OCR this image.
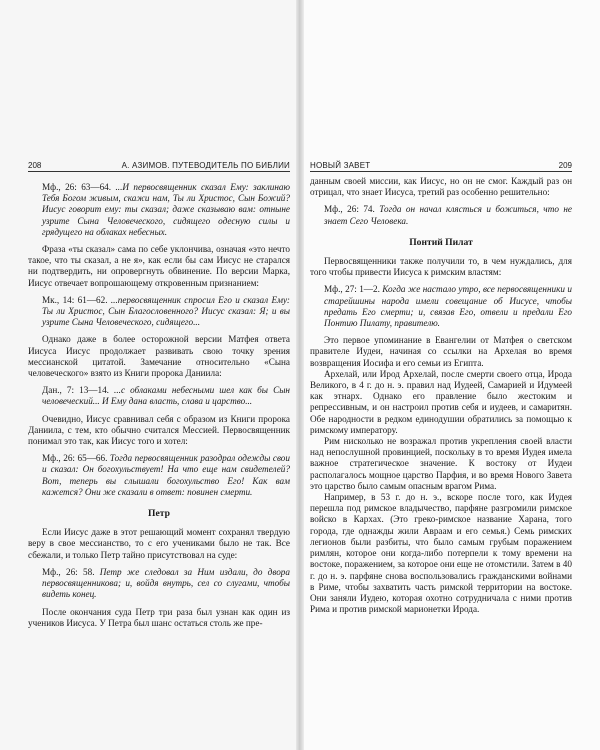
208	А. АЗИМОВ. ПУТЕВОДИТЕЛЬ ПО БИБЛИИ
Мф., 26: 63—64. ...И первосвященник сказал Ему: заклинаю Тебя Богом живым, скажи нам, Ты ли Христос, Сын Божий? Иисус говорит ему: ты сказал; даже сказываю вам: отныне узрите Сына Человеческого, сидящего одесную силы и грядущего на облаках небесных.

Фраза «ты сказал» сама по себе уклончива, означая «это нечто такое, что ты сказал, а не я», как если бы сам Иисус не старался ни подтвердить, ни опровергнуть обвинение. По версии Марка, Иисус отвечает вопрошающему откровенным признанием:

Мк., 14: 61—62. ...первосвященник спросил Его и сказал Ему: Ты ли Христос, Сын Благословенного? Иисус сказал: Я; и вы узрите Сына Человеческого, сидящего...

Однако даже в более осторожной версии Матфея ответа Иисуса Иисус продолжает развивать свою точку зрения мессианской цитатой. Замечание относительно «Сына человеческого» взято из Книги пророка Даниила:

Дан., 7: 13—14. ...с облаками небесными шел как бы Сын человеческий... И Ему дана власть, слава и царство...

Очевидно, Иисус сравнивал себя с образом из Книги пророка Даниила, с тем, кто обычно считался Мессией. Первосвященник понимал это так, как Иисус того и хотел:

Мф., 26: 65—66. Тогда первосвященник разодрал одежды свои и сказал: Он богохульствует! На что еще нам свидетелей? Вот, теперь вы слышали богохульство Его! Как вам кажется? Они же сказали в ответ: повинен смерти.
Петр

Если Иисус даже в этот решающий момент сохранял твердую веру в свое мессианство, то с его учениками было не так. Все сбежали, и только Петр тайно присутствовал на суде:

Мф., 26: 58. Петр же следовал за Ним издали, до двора первосвященникова; и, войдя внутрь, сел со слугами, чтобы видеть конец.

После окончания суда Петр три раза был узнан как один из учеников Иисуса. У Петра был шанс остаться столь же пре-

НОВЫЙ ЗАВЕТ	209

данным своей миссии, как Иисус, но он не смог. Каждый раз он отрицал, что знает Иисуса, третий раз особенно решительно:

Мф., 26: 74. Тогда он начал клясться и божиться, что не знает Сего Человека.
Понтий Пилат

Первосвященники также получили то, в чем нуждались, для того чтобы привести Иисуса к римским властям:

Мф., 27: 1—2. Когда же настало утро, все первосвященники и старейшины народа имели совещание об Иисусе, чтобы предать Его смерти; и, связав Его, отвели и предали Его Понтию Пилату, правителю.

Это первое упоминание в Евангелии от Матфея о светском правителе Иудеи, начиная со ссылки на Архелая во время возвращения Иосифа и его семьи из Египта.

Архелай, или Ирод Архелай, после смерти своего отца, Ирода Великого, в 4 г. до н. э. правил над Иудеей, Самарией и Идумеей как этнарх. Однако его правление было жестоким и репрессивным, и он настроил против себя и иудеев, и самаритян. Обе народности в редком единодушии обратились за помощью к римскому императору.

Рим нисколько не возражал против укрепления своей власти над непослушной провинцией, поскольку в то время Иудея имела важное стратегическое значение. К востоку от Иудеи располагалось мощное царство Парфия, и во время Нового Завета это царство было самым опасным врагом Рима.

Например, в 53 г. до н. э., вскоре после того, как Иудея перешла под римское владычество, парфяне разгромили римское войско в Кархах. (Это греко-римское название Харана, того города, где однажды жили Авраам и его семья.) Семь римских легионов были разбиты, что было самым грубым поражением римлян, которое они когда-либо потерпели к тому времени на востоке, поражением, за которое они еще не отомстили. Затем в 40 г. до н. э. парфяне снова воспользовались гражданскими войнами в Риме, чтобы захватить часть римской территории на востоке. Они заняли Иудею, которая охотно сотрудничала с ними против Рима и против римской марионетки Ирода.
